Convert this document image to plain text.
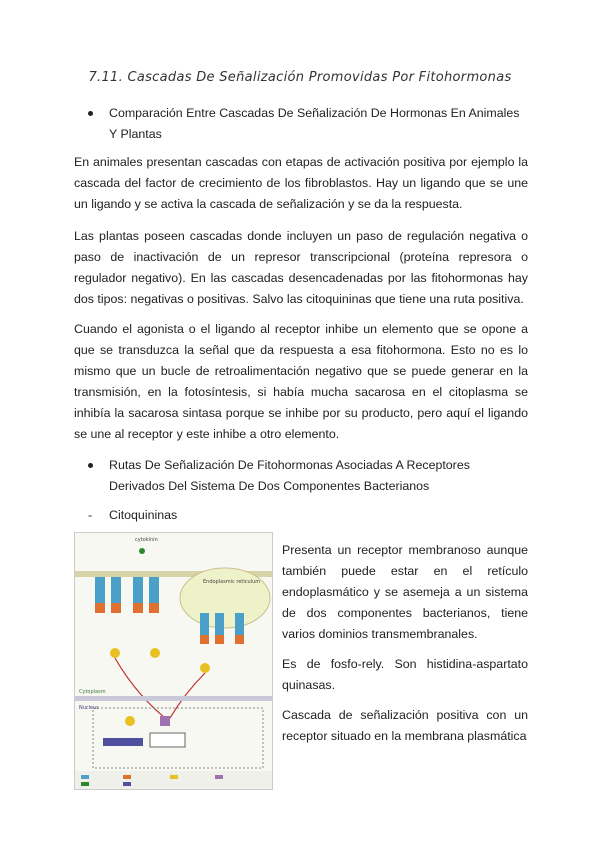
7.11. Cascadas De Señalización Promovidas Por Fitohormonas
Comparación Entre Cascadas De Señalización De Hormonas En Animales Y Plantas
En animales presentan cascadas con etapas de activación positiva por ejemplo la cascada del factor de crecimiento de los fibroblastos. Hay un ligando que se une un ligando y se activa la cascada de señalización y se da la respuesta.
Las plantas poseen cascadas donde incluyen un paso de regulación negativa o paso de inactivación de un represor transcripcional (proteína represora o regulador negativo). En las cascadas desencadenadas por las fitohormonas hay dos tipos: negativas o positivas. Salvo las citoquininas que tiene una ruta positiva.
Cuando el agonista o el ligando al receptor inhibe un elemento que se opone a que se transduzca la señal que da respuesta a esa fitohormona. Esto no es lo mismo que un bucle de retroalimentación negativo que se puede generar en la transmisión, en la fotosíntesis, si había mucha sacarosa en el citoplasma se inhibía la sacarosa sintasa porque se inhibe por su producto, pero aquí el ligando se une al receptor y este inhibe a otro elemento.
Rutas De Señalización De Fitohormonas Asociadas A Receptores Derivados Del Sistema De Dos Componentes Bacterianos
- Citoquininas
Endoplasmic reticulum
cytokinin
Cytoplasm
Nucleus

Presenta un receptor membranoso aunque también puede estar en el retículo endoplasmático y se asemeja a un sistema de dos componentes bacterianos, tiene varios dominios transmembranales.

Es de fosfo-rely. Son histidina-aspartato quinasas.

Cascada de señalización positiva con un receptor situado en la membrana plasmática
